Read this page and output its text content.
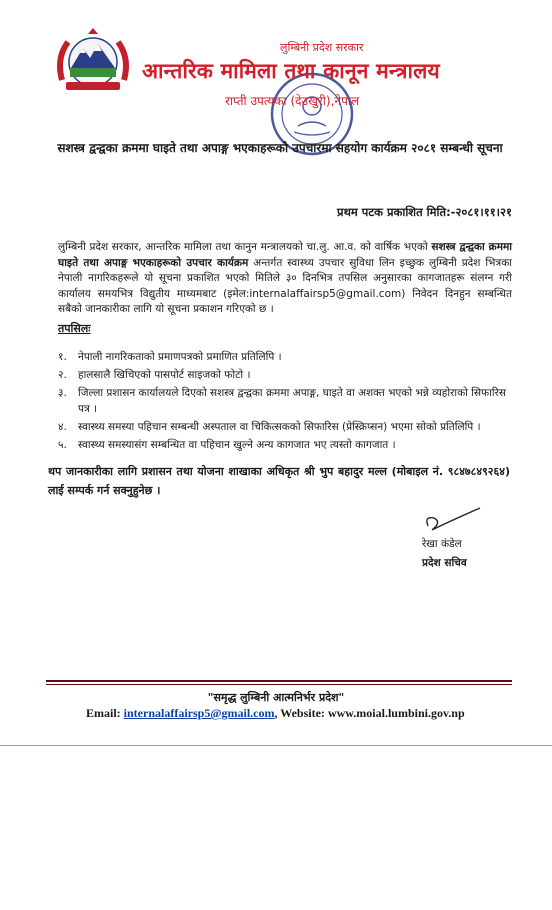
लुम्बिनी प्रदेश सरकार
आन्तरिक मामिला तथा कानून मन्त्रालय
राप्ती उपत्यका (देउखुरी),नेपाल
सशस्त्र द्वन्द्वका क्रममा घाइते तथा अपाङ्ग भएकाहरूको उपचारमा सहयोग कार्यक्रम २०८१ सम्बन्धी सूचना
प्रथम पटक प्रकाशित मिति:-२०८१।११।२१
लुम्बिनी प्रदेश सरकार, आन्तरिक मामिला तथा कानुन मन्त्रालयको चा.लु. आ.व. को वार्षिक भएको सशस्त्र द्वन्द्वका क्रममा घाइते तथा अपाङ्ग भएकाहरूको उपचार कार्यक्रम अन्तर्गत स्वास्थ्य उपचार सुविधा लिन इच्छुक लुम्बिनी प्रदेश भित्रका नेपाली नागरिकहरूले यो सूचना प्रकाशित भएको मितिले ३० दिनभित्र तपसिल अनुसारका कागजातहरू संलग्न गरी कार्यालय समयभित्र विद्युतीय माध्यमबाट (इमेल:internalaffairsp5@gmail.com) निवेदन दिनहुन सम्बन्धित सबैको जानकारीका लागि यो सूचना प्रकाशन गरिएको छ ।
तपसिलः
१.	नेपाली नागरिकताको प्रमाणपत्रको प्रमाणित प्रतिलिपि ।
२.	हालसालै खिचिएको पासपोर्ट साइजको फोटो ।
३.	जिल्ला प्रशासन कार्यालयले दिएको सशस्त्र द्वन्द्वका क्रममा अपाङ्ग, घाइते वा अशक्त भएको भन्ने व्यहोराको सिफारिस पत्र ।
४.	स्वास्थ्य समस्या पहिचान सम्बन्धी अस्पताल वा चिकित्सकको सिफारिस (प्रेस्क्रिप्सन) भएमा सोको प्रतिलिपि ।
५.	स्वास्थ्य समस्यासंग सम्बन्धित वा पहिचान खुल्ने अन्य कागजात भए त्यस्तो कागजात ।
थप जानकारीका लागि प्रशासन तथा योजना शाखाका अधिकृत श्री भुप बहादुर मल्ल (मोबाइल नं. ९८४७८४९२६४) लाई सम्पर्क गर्न सक्नुहुनेछ ।
रेखा कंडेल
प्रदेश सचिव
"समृद्ध लुम्बिनी आत्मनिर्भर प्रदेश"
Email: internalaffairsp5@gmail.com, Website: www.moial.lumbini.gov.np
